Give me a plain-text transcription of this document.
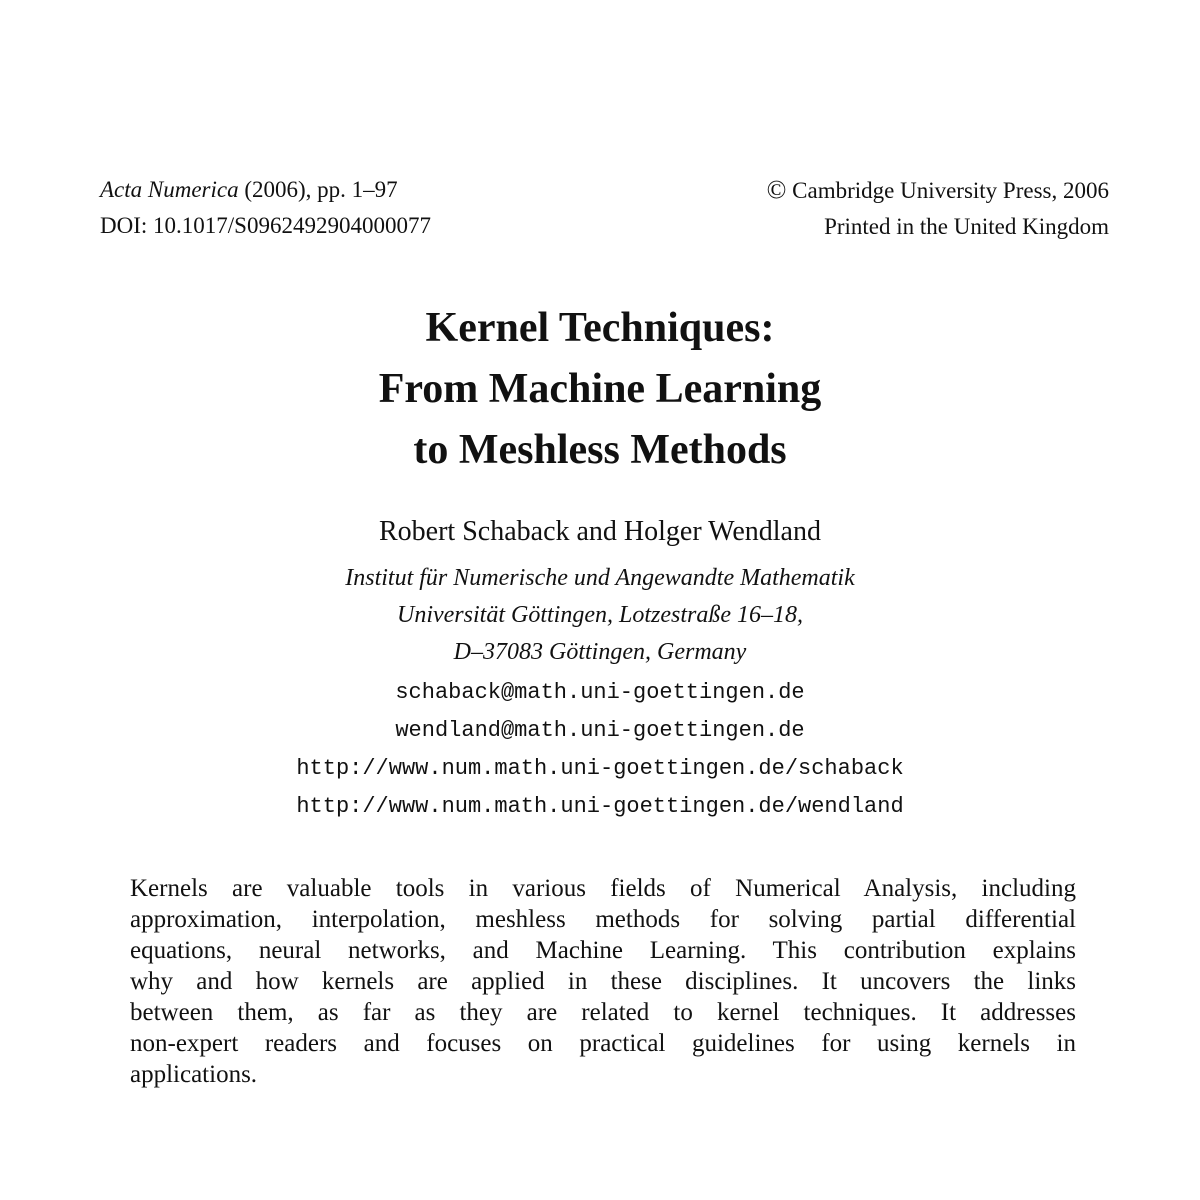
Acta Numerica (2006), pp. 1–97
DOI: 10.1017/S0962492904000077
© Cambridge University Press, 2006
Printed in the United Kingdom
Kernel Techniques:
From Machine Learning
to Meshless Methods
Robert Schaback and Holger Wendland
Institut für Numerische und Angewandte Mathematik
Universität Göttingen, Lotzestraße 16–18,
D–37083 Göttingen, Germany
schaback@math.uni-goettingen.de
wendland@math.uni-goettingen.de
http://www.num.math.uni-goettingen.de/schaback
http://www.num.math.uni-goettingen.de/wendland
Kernels are valuable tools in various fields of Numerical Analysis, including
approximation, interpolation, meshless methods for solving partial differential
equations, neural networks, and Machine Learning. This contribution explains
why and how kernels are applied in these disciplines. It uncovers the links
between them, as far as they are related to kernel techniques. It addresses
non-expert readers and focuses on practical guidelines for using kernels in
applications.
